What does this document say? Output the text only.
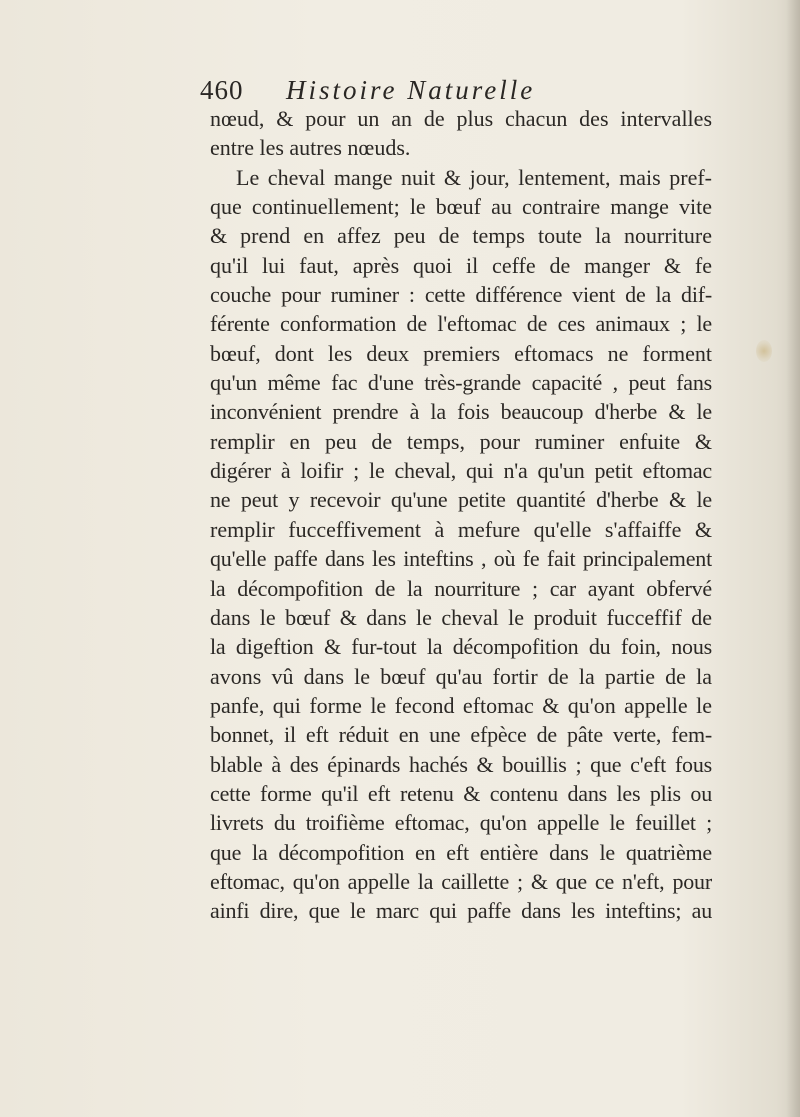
460 Histoire Naturelle
nœud, & pour un an de plus chacun des intervalles
entre les autres nœuds.
Le cheval mange nuit & jour, lentement, mais pref-
que continuellement; le bœuf au contraire mange vite
& prend en affez peu de temps toute la nourriture
qu'il lui faut, après quoi il ceffe de manger & fe
couche pour ruminer : cette différence vient de la dif-
férente conformation de l'eftomac de ces animaux ; le
bœuf, dont les deux premiers eftomacs ne forment
qu'un même fac d'une très-grande capacité , peut fans
inconvénient prendre à la fois beaucoup d'herbe & le
remplir en peu de temps, pour ruminer enfuite &
digérer à loifir ; le cheval, qui n'a qu'un petit eftomac
ne peut y recevoir qu'une petite quantité d'herbe & le
remplir fucceffivement à mefure qu'elle s'affaiffe &
qu'elle paffe dans les inteftins , où fe fait principalement
la décompofition de la nourriture ; car ayant obfervé
dans le bœuf & dans le cheval le produit fucceffif de
la digeftion & fur-tout la décompofition du foin, nous
avons vû dans le bœuf qu'au fortir de la partie de la
panfe, qui forme le fecond eftomac & qu'on appelle le
bonnet, il eft réduit en une efpèce de pâte verte, fem-
blable à des épinards hachés & bouillis ; que c'eft fous
cette forme qu'il eft retenu & contenu dans les plis ou
livrets du troifième eftomac, qu'on appelle le feuillet ;
que la décompofition en eft entière dans le quatrième
eftomac, qu'on appelle la caillette ; & que ce n'eft, pour
ainfi dire, que le marc qui paffe dans les inteftins; au
